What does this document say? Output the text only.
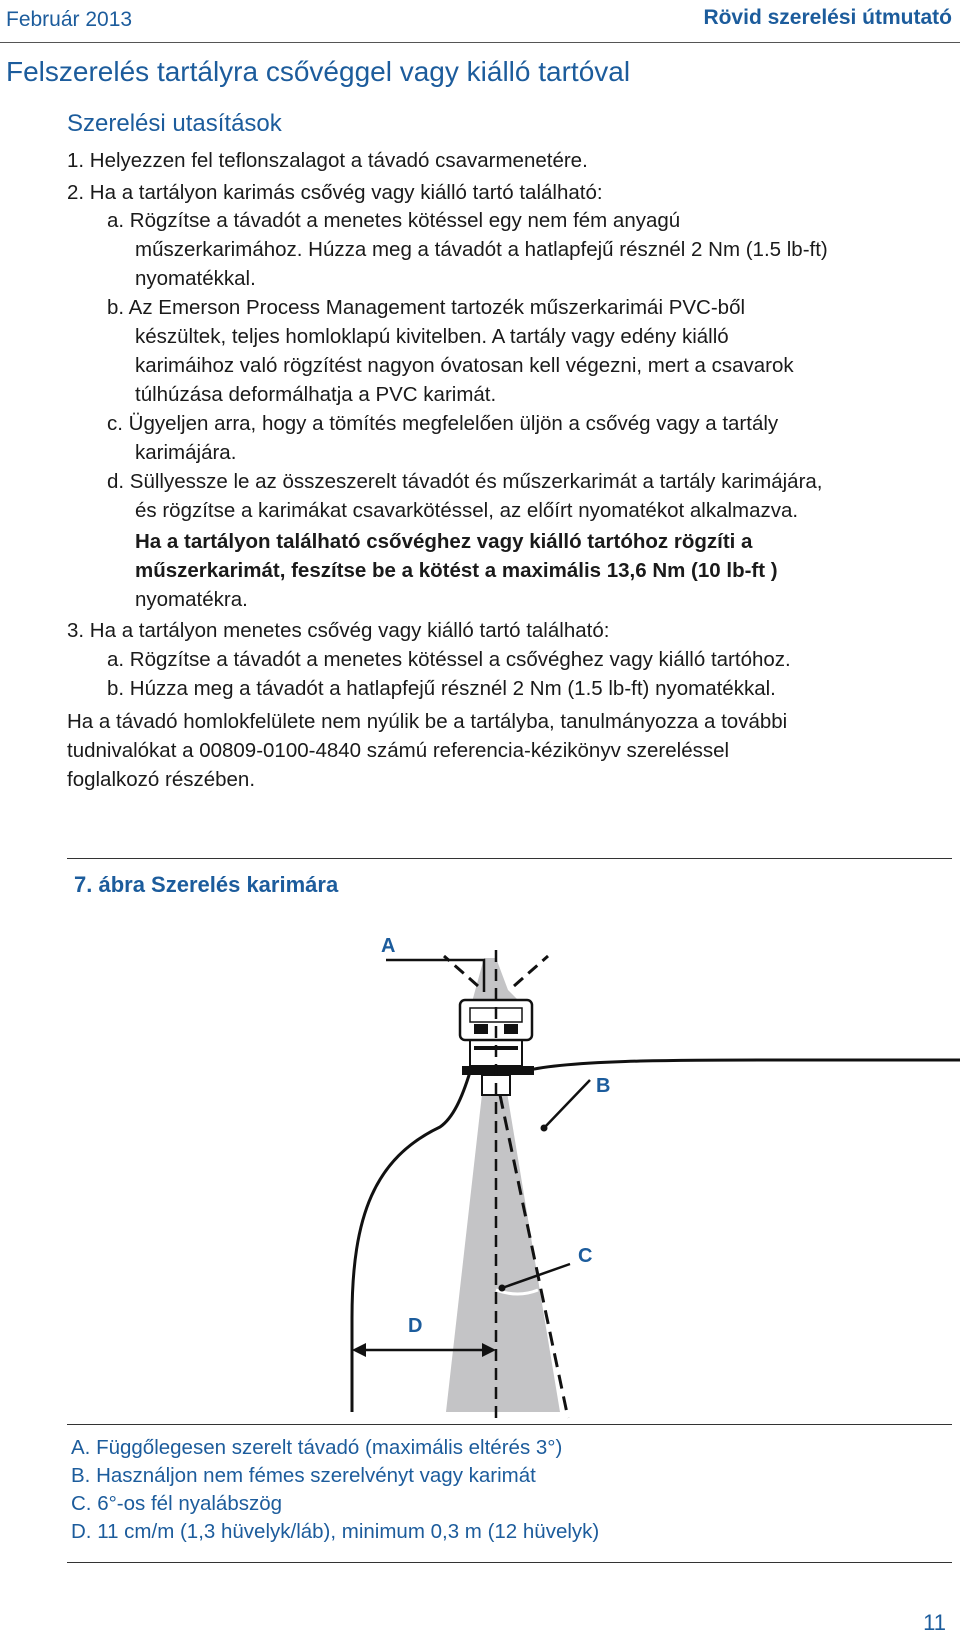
Február 2013	Rövid szerelési útmutató
Felszerelés tartályra csővéggel vagy kiálló tartóval
Szerelési utasítások
1. Helyezzen fel teflonszalagot a távadó csavarmenetére.
2. Ha a tartályon karimás csővég vagy kiálló tartó található:
a. Rögzítse a távadót a menetes kötéssel egy nem fém anyagú
műszerkarimához. Húzza meg a távadót a hatlapfejű résznél 2 Nm (1.5 lb-ft)
nyomatékkal.
b. Az Emerson Process Management tartozék műszerkarimái PVC-ből
készültek, teljes homloklapú kivitelben. A tartály vagy edény kiálló
karimáihoz való rögzítést nagyon óvatosan kell végezni, mert a csavarok
túlhúzása deformálhatja a PVC karimát.
c. Ügyeljen arra, hogy a tömítés megfelelően üljön a csővég vagy a tartály
karimájára.
d. Süllyessze le az összeszerelt távadót és műszerkarimát a tartály karimájára,
és rögzítse a karimákat csavarkötéssel, az előírt nyomatékot alkalmazva.
Ha a tartályon található csővéghez vagy kiálló tartóhoz rögzíti a
műszerkarimát, feszítse be a kötést a maximális 13,6 Nm (10 lb-ft )
nyomatékra.
3. Ha a tartályon menetes csővég vagy kiálló tartó található:
a. Rögzítse a távadót a menetes kötéssel a csővéghez vagy kiálló tartóhoz.
b. Húzza meg a távadót a hatlapfejű résznél 2 Nm (1.5 lb-ft) nyomatékkal.
Ha a távadó homlokfelülete nem nyúlik be a tartályba, tanulmányozza a további
tudnivalókat a 00809-0100-4840 számú referencia-kézikönyv szereléssel
foglalkozó részében.
7. ábra Szerelés karimára
A
B
C
D
A. Függőlegesen szerelt távadó (maximális eltérés 3°)
B. Használjon nem fémes szerelvényt vagy karimát
C. 6°-os fél nyalábszög
D. 11 cm/m (1,3 hüvelyk/láb), minimum 0,3 m (12 hüvelyk)
11
